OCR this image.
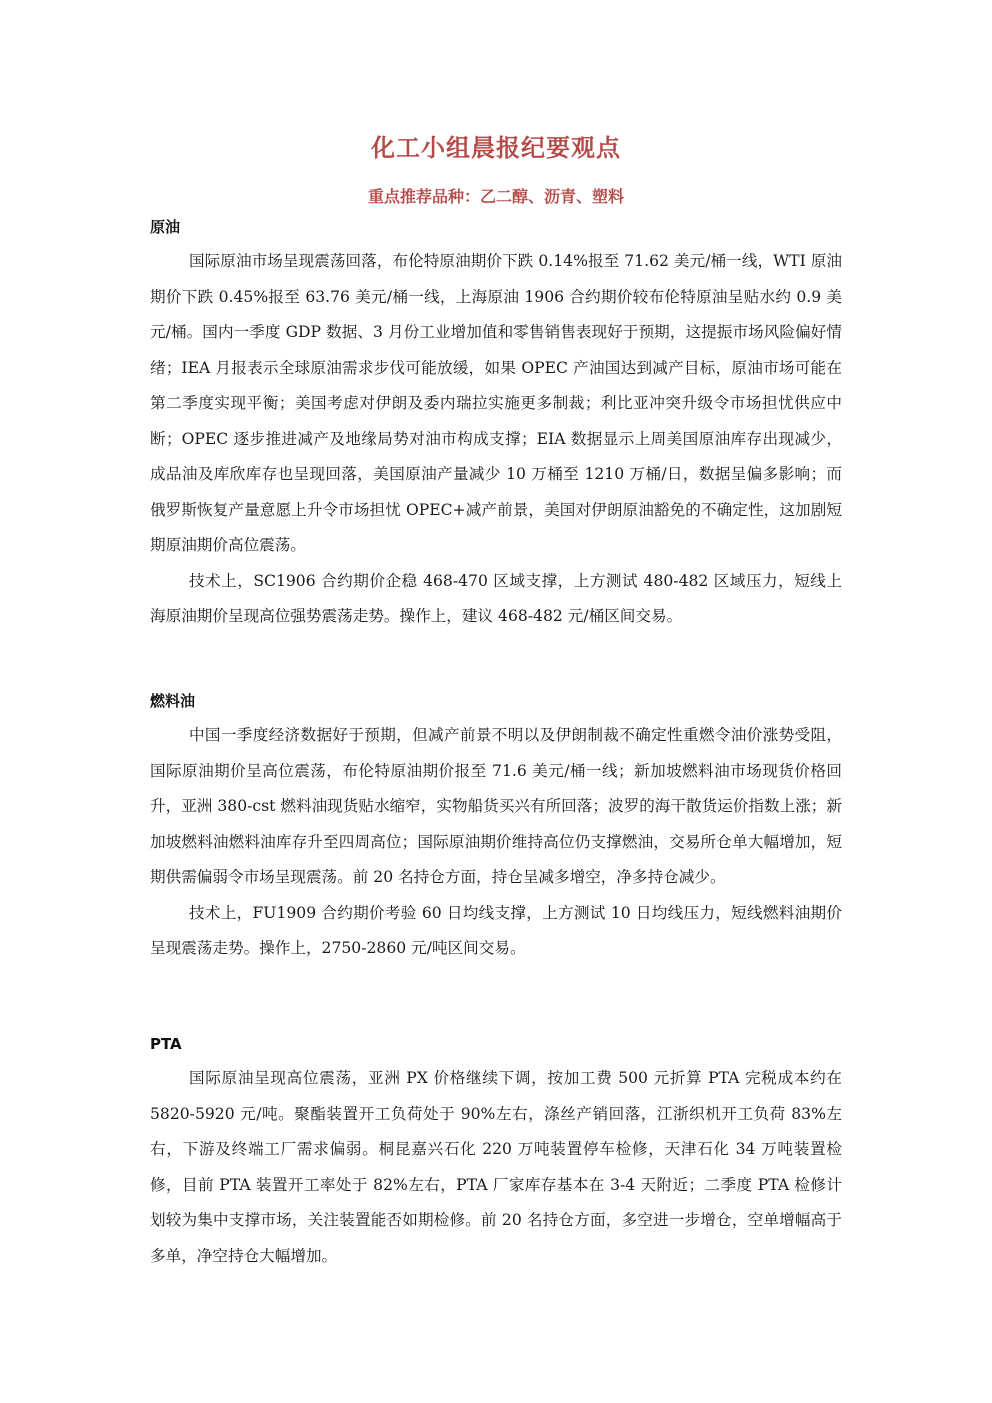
化工小组晨报纪要观点
重点推荐品种：乙二醇、沥青、塑料
原油

国际原油市场呈现震荡回落，布伦特原油期价下跌 0.14%报至 71.62 美元/桶一线，WTI 原油期价下跌 0.45%报至 63.76 美元/桶一线，上海原油 1906 合约期价较布伦特原油呈贴水约 0.9 美元/桶。国内一季度 GDP 数据、3 月份工业增加值和零售销售表现好于预期，这提振市场风险偏好情绪；IEA 月报表示全球原油需求步伐可能放缓，如果 OPEC 产油国达到减产目标，原油市场可能在第二季度实现平衡；美国考虑对伊朗及委内瑞拉实施更多制裁；利比亚冲突升级令市场担忧供应中断；OPEC 逐步推进减产及地缘局势对油市构成支撑；EIA 数据显示上周美国原油库存出现减少，成品油及库欣库存也呈现回落，美国原油产量减少 10 万桶至 1210 万桶/日，数据呈偏多影响；而俄罗斯恢复产量意愿上升令市场担忧 OPEC+减产前景，美国对伊朗原油豁免的不确定性，这加剧短期原油期价高位震荡。

技术上，SC1906 合约期价企稳 468-470 区域支撑，上方测试 480-482 区域压力，短线上海原油期价呈现高位强势震荡走势。操作上，建议 468-482 元/桶区间交易。

燃料油

中国一季度经济数据好于预期，但减产前景不明以及伊朗制裁不确定性重燃令油价涨势受阻，国际原油期价呈高位震荡，布伦特原油期价报至 71.6 美元/桶一线；新加坡燃料油市场现货价格回升，亚洲 380-cst 燃料油现货贴水缩窄，实物船货买兴有所回落；波罗的海干散货运价指数上涨；新加坡燃料油燃料油库存升至四周高位；国际原油期价维持高位仍支撑燃油，交易所仓单大幅增加，短期供需偏弱令市场呈现震荡。前 20 名持仓方面，持仓呈减多增空，净多持仓减少。

技术上，FU1909 合约期价考验 60 日均线支撑，上方测试 10 日均线压力，短线燃料油期价呈现震荡走势。操作上，2750-2860 元/吨区间交易。

PTA

国际原油呈现高位震荡，亚洲 PX 价格继续下调，按加工费 500 元折算 PTA 完税成本约在 5820-5920 元/吨。聚酯装置开工负荷处于 90%左右，涤丝产销回落，江浙织机开工负荷 83%左右，下游及终端工厂需求偏弱。桐昆嘉兴石化 220 万吨装置停车检修，天津石化 34 万吨装置检修，目前 PTA 装置开工率处于 82%左右，PTA 厂家库存基本在 3-4 天附近；二季度 PTA 检修计划较为集中支撑市场，关注装置能否如期检修。前 20 名持仓方面，多空进一步增仓，空单增幅高于多单，净空持仓大幅增加。
